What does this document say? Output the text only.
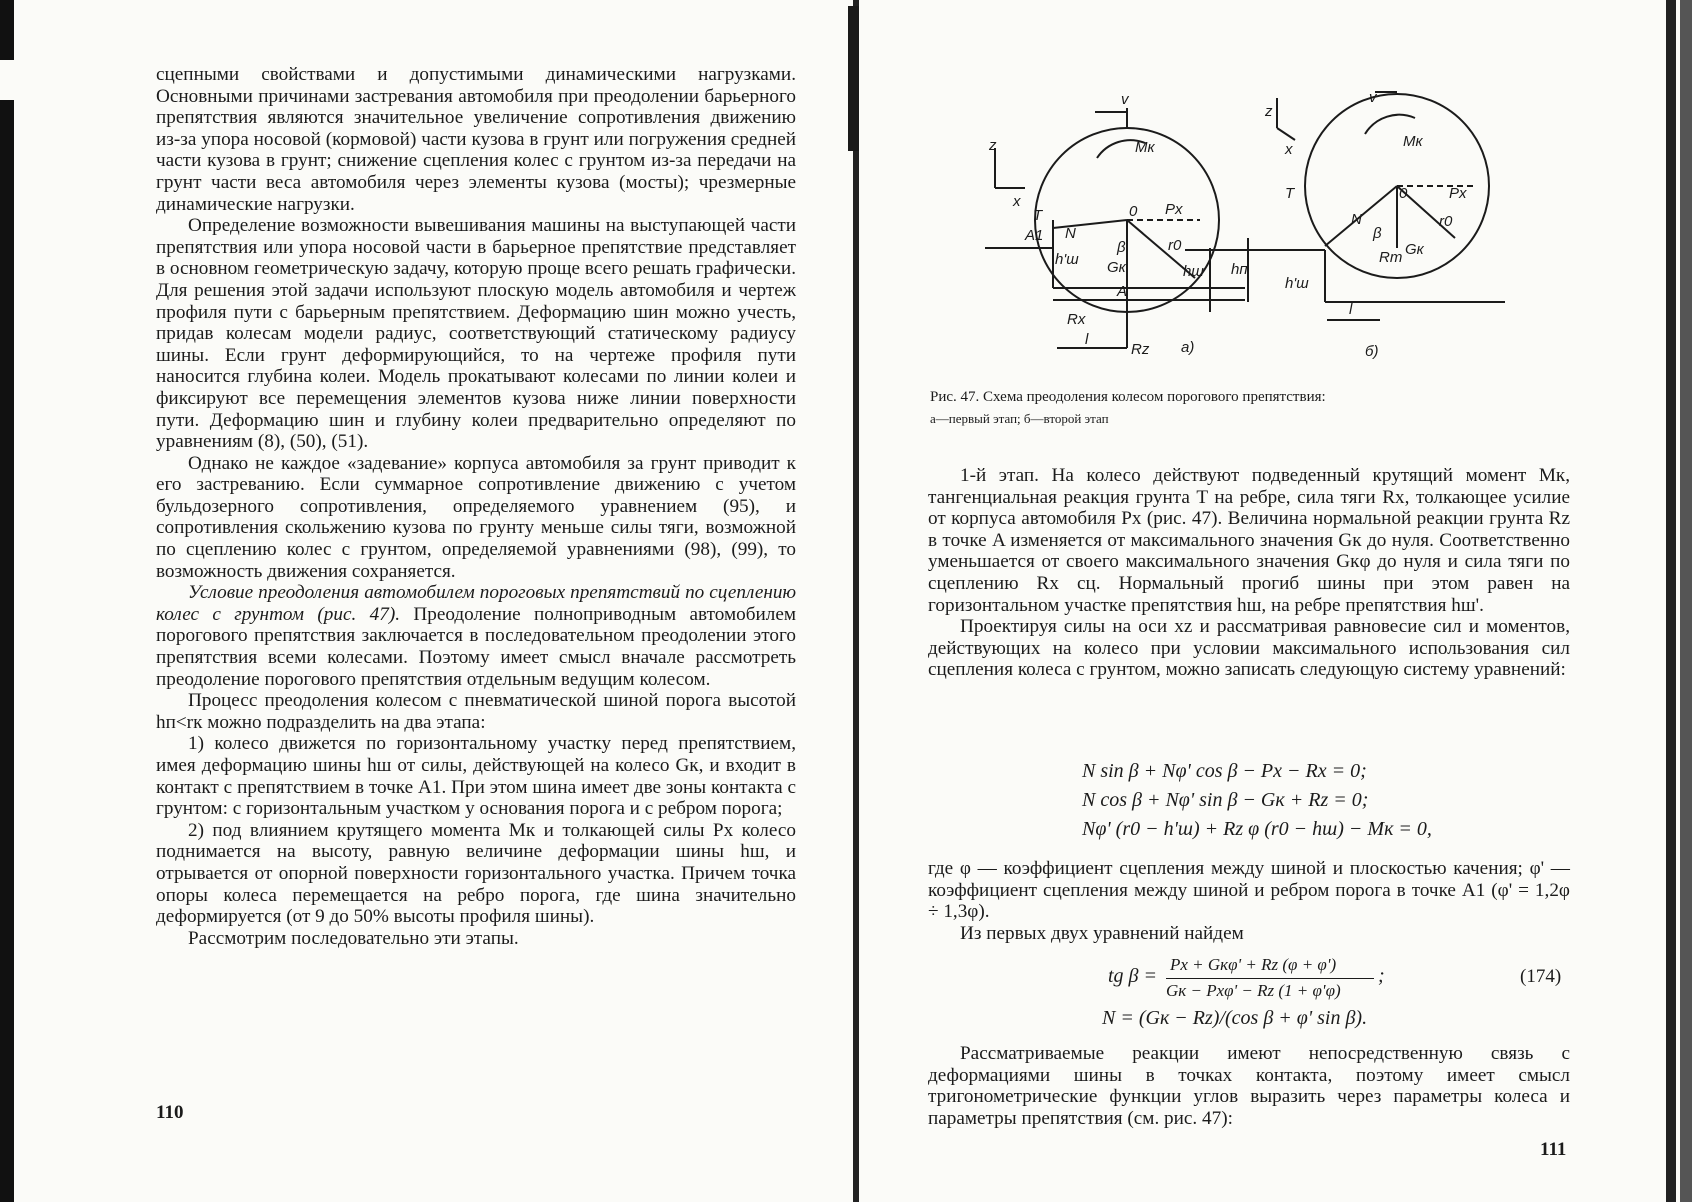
сцепными свойствами и допустимыми динамическими нагрузками. Основными причинами застревания автомобиля при преодолении барьерного препятствия являются значительное увеличение сопротивления движению из-за упора носовой (кормовой) части кузова в грунт или погружения средней части кузова в грунт; снижение сцепления колес с грунтом из-за передачи на грунт части веса автомобиля через элементы кузова (мосты); чрезмерные динамические нагрузки.

Определение возможности вывешивания машины на выступающей части препятствия или упора носовой части в барьерное препятствие представляет в основном геометрическую задачу, которую проще всего решать графически. Для решения этой задачи используют плоскую модель автомобиля и чертеж профиля пути с барьерным препятствием. Деформацию шин можно учесть, придав колесам модели радиус, соответствующий статическому радиусу шины. Если грунт деформирующийся, то на чертеже профиля пути наносится глубина колеи. Модель прокатывают колесами по линии колеи и фиксируют все перемещения элементов кузова ниже линии поверхности пути. Деформацию шин и глубину колеи предварительно определяют по уравнениям (8), (50), (51).

Однако не каждое «задевание» корпуса автомобиля за грунт приводит к его застреванию. Если суммарное сопротивление движению с учетом бульдозерного сопротивления, определяемого уравнением (95), и сопротивления скольжению кузова по грунту меньше силы тяги, возможной по сцеплению колес с грунтом, определяемой уравнениями (98), (99), то возможность движения сохраняется.

Условие преодоления автомобилем пороговых препятствий по сцеплению колес с грунтом (рис. 47). Преодоление полноприводным автомобилем порогового препятствия заключается в последовательном преодолении этого препятствия всеми колесами. Поэтому имеет смысл вначале рассмотреть преодоление порогового препятствия отдельным ведущим колесом.

Процесс преодоления колесом с пневматической шиной порога высотой hп<rк можно подразделить на два этапа:

1) колесо движется по горизонтальному участку перед препятствием, имея деформацию шины hш от силы, действующей на колесо Gк, и входит в контакт с препятствием в точке A1. При этом шина имеет две зоны контакта с грунтом: с горизонтальным участком у основания порога и с ребром порога;

2) под влиянием крутящего момента Mк и толкающей силы Px колесо поднимается на высоту, равную величине деформации шины hш, и отрывается от опорной поверхности горизонтального участка. Причем точка опоры колеса перемещается на ребро порога, где шина значительно деформируется (от 9 до 50% высоты профиля шины).

Рассмотрим последовательно эти этапы.

110
v
z
x
T
Mк
0 Px
r0
A1 N
β
Gк
h'ш
hш
A
Rx
l
Rz а)
v
z
x
T
Mк
0	Px
r0
N
β
Gк
Rт
hп
h'ш
l
б)
Рис. 47. Схема преодоления колесом порогового препятствия:
а—первый этап; б—второй этап

1-й этап. На колесо действуют подведенный крутящий момент Mк, тангенциальная реакция грунта T на ребре, сила тяги Rx, толкающее усилие от корпуса автомобиля Px (рис. 47). Величина нормальной реакции грунта Rz в точке A изменяется от максимального значения Gк до нуля. Соответственно уменьшается от своего максимального значения Gкφ до нуля и сила тяги по сцеплению Rx сц. Нормальный прогиб шины при этом равен на горизонтальном участке препятствия hш, на ребре препятствия hш'.

Проектируя силы на оси xz и рассматривая равновесие сил и моментов, действующих на колесо при условии максимального использования сил сцепления колеса с грунтом, можно записать следующую систему уравнений:

N sin β + Nφ' cos β − Px − Rx = 0;
N cos β + Nφ' sin β − Gк + Rz = 0;
Nφ' (r0 − h'ш) + Rz φ (r0 − hш) − Mк = 0,

где φ — коэффициент сцепления между шиной и плоскостью качения; φ' — коэффициент сцепления между шиной и ребром порога в точке A1 (φ' = 1,2φ ÷ 1,3φ).

Из первых двух уравнений найдем

tg β =
Px + Gкφ' + Rz (φ + φ')
Gк − Pxφ' − Rz (1 + φ'φ)
;	(174)
N = (Gк − Rz)/(cos β + φ' sin β).

Рассматриваемые реакции имеют непосредственную связь с деформациями шины в точках контакта, поэтому имеет смысл тригонометрические функции углов выразить через параметры колеса и параметры препятствия (см. рис. 47):

111
